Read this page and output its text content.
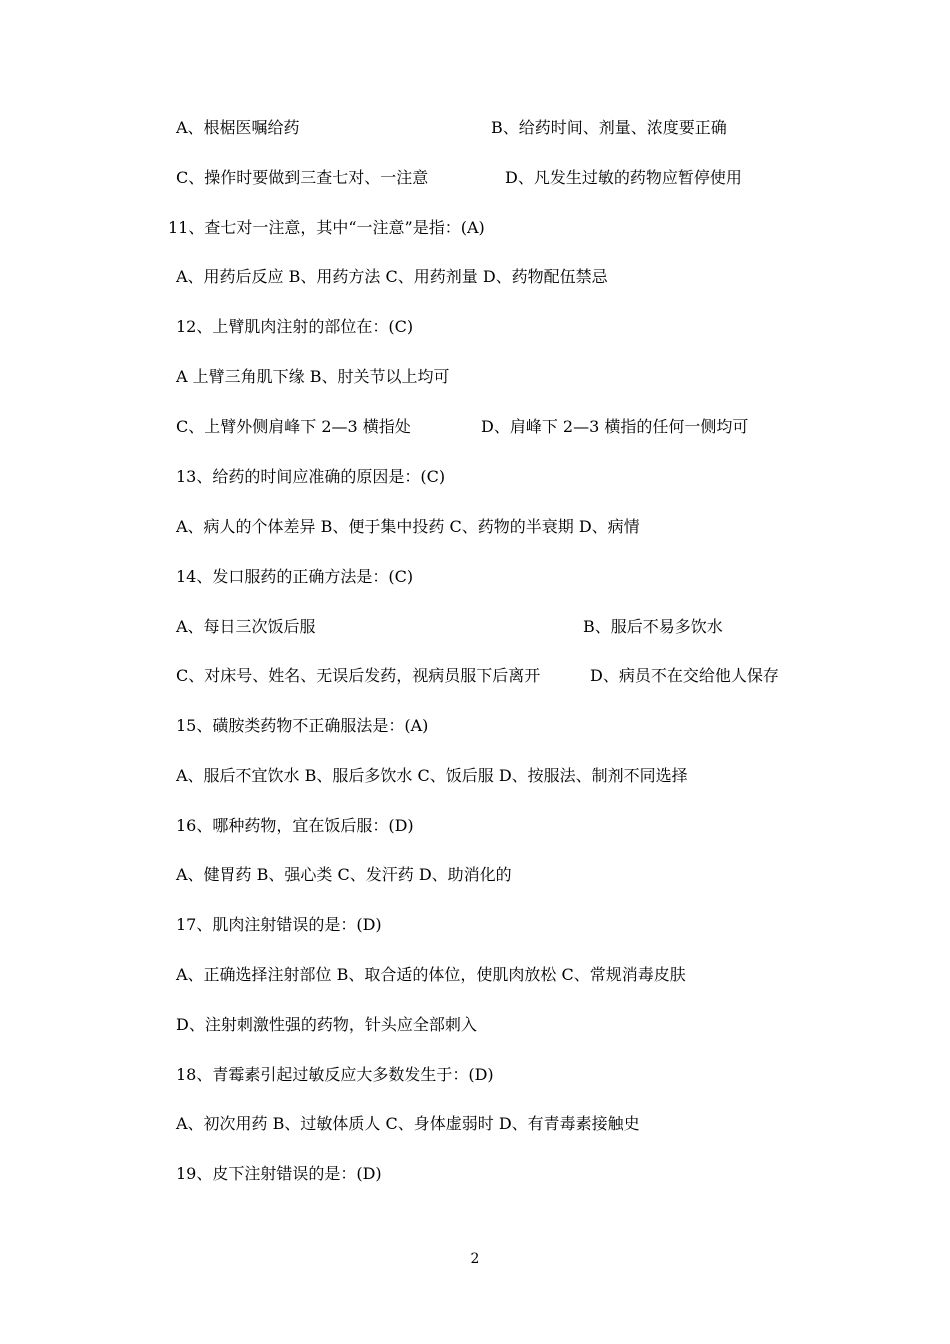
A、根椐医嘱给药	B、给药时间、剂量、浓度要正确
C、操作时要做到三查七对、一注意	D、凡发生过敏的药物应暂停使用
11、查七对一注意，其中“一注意”是指：(A)
A、用药后反应 B、用药方法 C、用药剂量 D、药物配伍禁忌
12、上臂肌肉注射的部位在：(C)
A 上臂三角肌下缘 B、肘关节以上均可
C、上臂外侧肩峰下 2—3 横指处	D、肩峰下 2—3 横指的任何一侧均可
13、给药的时间应准确的原因是：(C)
A、病人的个体差异 B、便于集中投药 C、药物的半衰期 D、病情
14、发口服药的正确方法是：(C)
A、每日三次饭后服	B、服后不易多饮水
C、对床号、姓名、无误后发药，视病员服下后离开	D、病员不在交给他人保存
15、磺胺类药物不正确服法是：(A)
A、服后不宜饮水 B、服后多饮水 C、饭后服 D、按服法、制剂不同选择
16、哪种药物，宜在饭后服：(D)
A、健胃药 B、强心类 C、发汗药 D、助消化的
17、肌肉注射错误的是：(D)
A、正确选择注射部位 B、取合适的体位，使肌肉放松 C、常规消毒皮肤
D、注射刺激性强的药物，针头应全部刺入
18、青霉素引起过敏反应大多数发生于：(D)
A、初次用药 B、过敏体质人 C、身体虚弱时 D、有青毒素接触史
19、皮下注射错误的是：(D)
2
